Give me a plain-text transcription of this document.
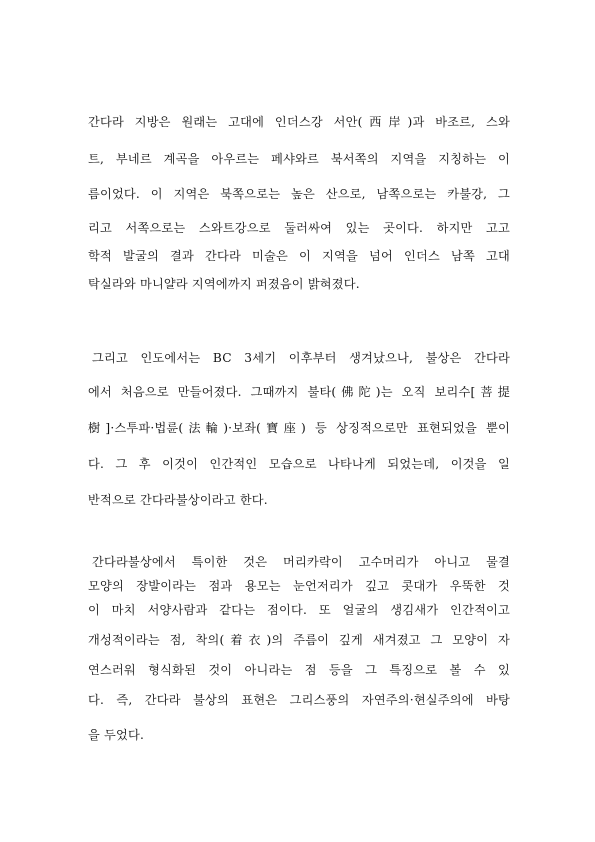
간다라 지방은 원래는 고대에 인더스강 서안(西岸)과 바조르, 스와
트, 부네르 계곡을 아우르는 페샤와르 북서쪽의 지역을 지칭하는 이
름이었다. 이 지역은 북쪽으로는 높은 산으로, 남쪽으로는 카불강, 그
리고 서쪽으로는 스와트강으로 둘러싸여 있는 곳이다. 하지만 고고
학적 발굴의 결과 간다라 미술은 이 지역을 넘어 인더스 남쪽 고대
탁실라와 마니얄라 지역에까지 퍼졌음이 밝혀졌다.
그리고 인도에서는 BC 3세기 이후부터 생겨났으나, 불상은 간다라
에서 처음으로 만들어졌다. 그때까지 불타(佛陀)는 오직 보리수[菩提
樹]·스투파·법륜(法輪)·보좌(寶座) 등 상징적으로만 표현되었을 뿐이
다. 그 후 이것이 인간적인 모습으로 나타나게 되었는데, 이것을 일
반적으로 간다라불상이라고 한다.
간다라불상에서 특이한 것은 머리카락이 고수머리가 아니고 물결
모양의 장발이라는 점과 용모는 눈언저리가 깊고 콧대가 우뚝한 것
이 마치 서양사람과 같다는 점이다. 또 얼굴의 생김새가 인간적이고
개성적이라는 점, 착의(着衣)의 주름이 깊게 새겨졌고 그 모양이 자
연스러워 형식화된 것이 아니라는 점 등을 그 특징으로 볼 수 있
다. 즉, 간다라 불상의 표현은 그리스풍의 자연주의·현실주의에 바탕
을 두었다.
